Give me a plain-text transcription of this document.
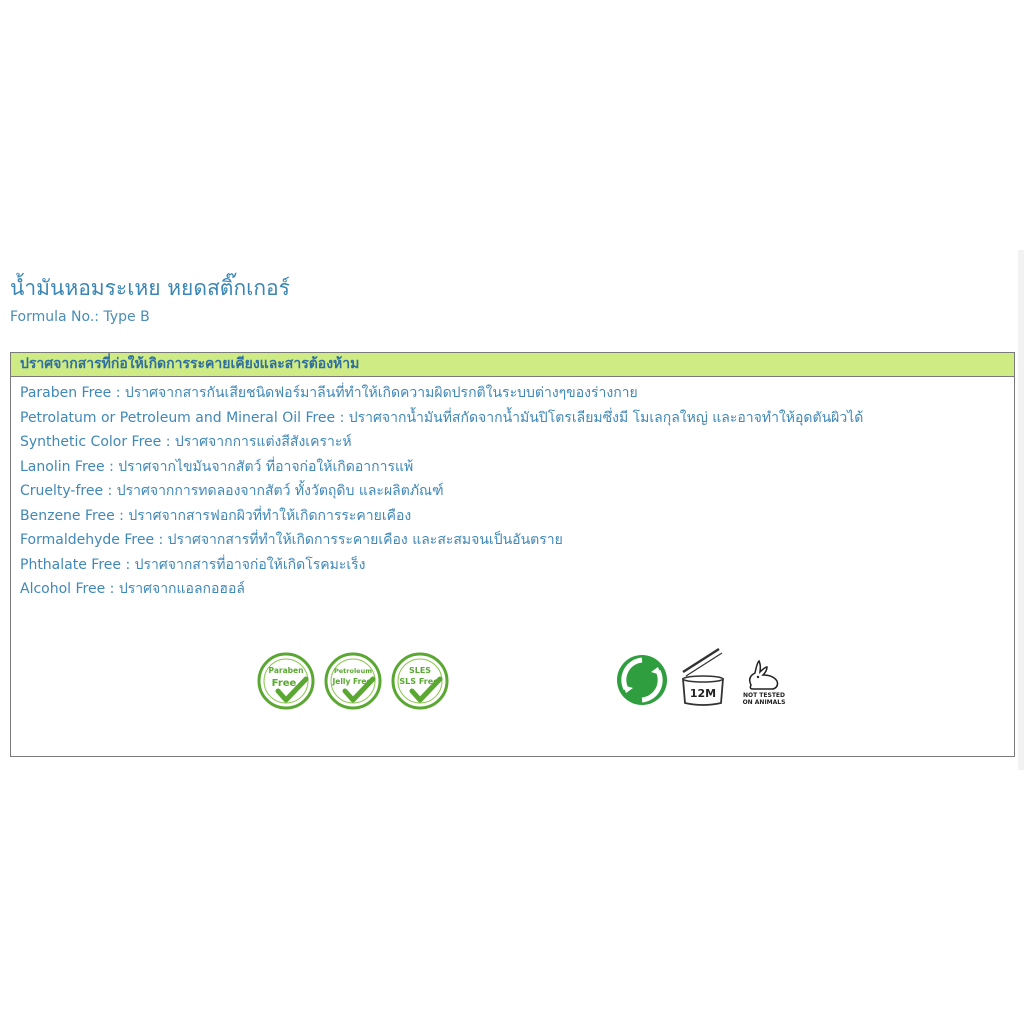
น้ำมันหอมระเหย หยดสติ๊กเกอร์
Formula No.: Type B
ปราศจากสารที่ก่อให้เกิดการระคายเคียงและสารต้องห้าม
Paraben Free : ปราศจากสารกันเสียชนิดฟอร์มาลีนที่ทำให้เกิดความผิดปรกติในระบบต่างๆของร่างกาย
Petrolatum or Petroleum and Mineral Oil Free : ปราศจากน้ำมันที่สกัดจากน้ำมันปิโตรเลียมซึ่งมี โมเลกุลใหญ่ และอาจทำให้อุดตันผิวได้
Synthetic Color Free : ปราศจากการแต่งสีสังเคราะห์
Lanolin Free : ปราศจากไขมันจากสัตว์ ที่อาจก่อให้เกิดอาการแพ้
Cruelty-free : ปราศจากการทดลองจากสัตว์ ทั้งวัตถุดิบ และผลิตภัณฑ์
Benzene Free : ปราศจากสารฟอกผิวที่ทำให้เกิดการระคายเคือง
Formaldehyde Free : ปราศจากสารที่ทำให้เกิดการระคายเคือง และสะสมจนเป็นอันตราย
Phthalate Free : ปราศจากสารที่อาจก่อให้เกิดโรคมะเร็ง
Alcohol Free : ปราศจากแอลกอฮอล์
Paraben
Free
Petroleum
Jelly Free
SLES
SLS Free
12M	NOT TESTED
ON ANIMALS
